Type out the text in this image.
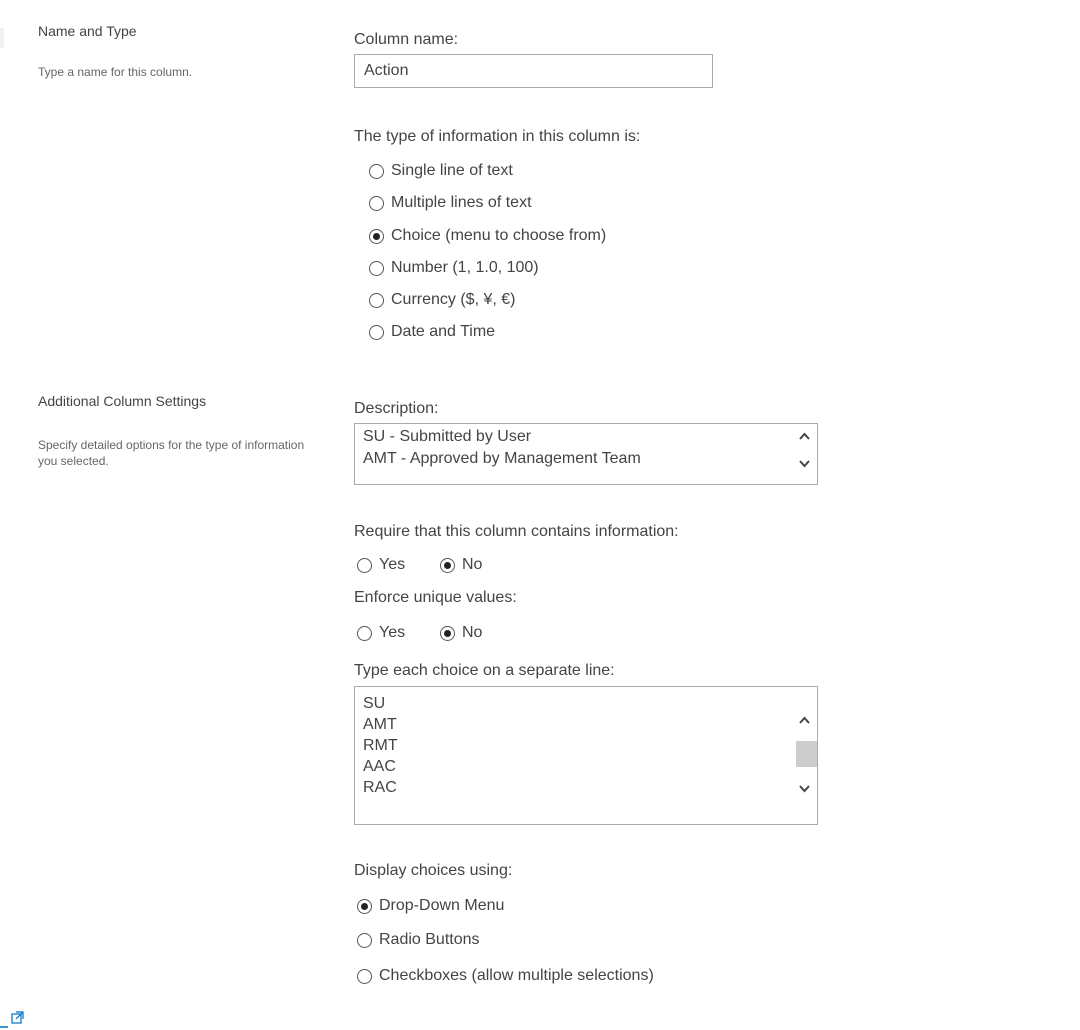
Name and Type

Type a name for this column.

Column name:
Action
The type of information in this column is:
Single line of text
Multiple lines of text
Choice (menu to choose from)
Number (1, 1.0, 100)
Currency ($, ¥, €)
Date and Time
Additional Column Settings

Specify detailed options for the type of information you selected.

Description:
SU - Submitted by User
AMT - Approved by Management Team
Require that this column contains information:
Yes	No
Enforce unique values:
Yes	No
Type each choice on a separate line:
SU
AMT
RMT
AAC
RAC
Display choices using:
Drop-Down Menu
Radio Buttons
Checkboxes (allow multiple selections)
